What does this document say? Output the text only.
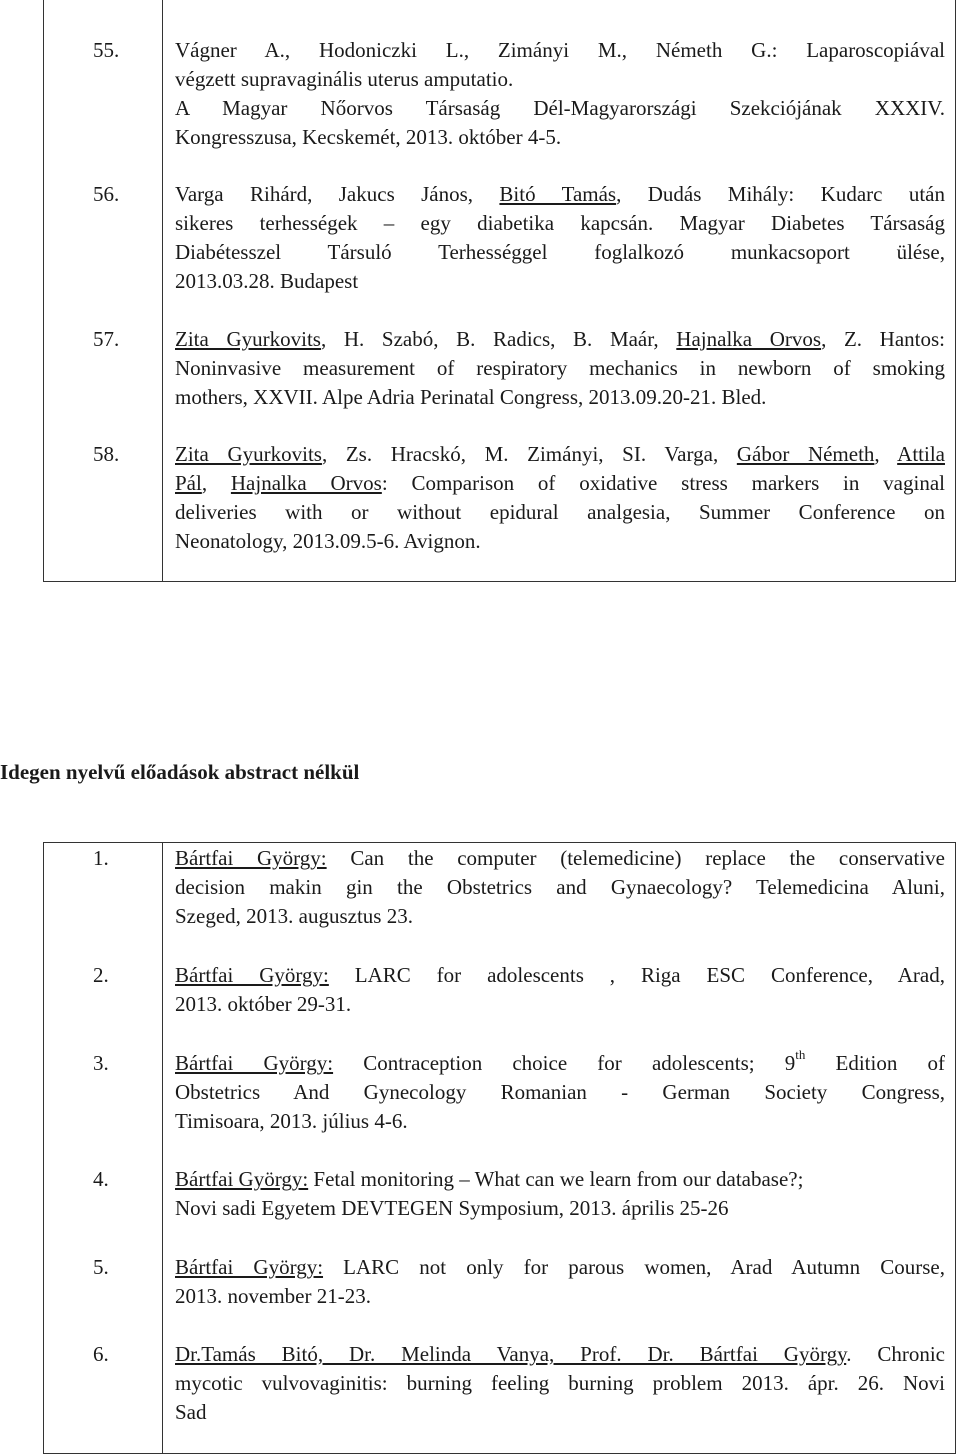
55.	Vágner A., Hodoniczki L., Zimányi M., Németh G.: Laparoscopiával
végzett supravaginális uterus amputatio.
A Magyar Nőorvos Társaság Dél-Magyarországi Szekciójának XXXIV.
Kongresszusa, Kecskemét, 2013. október 4-5.
56.	Varga Rihárd, Jakucs János, Bitó Tamás, Dudás Mihály: Kudarc után
sikeres terhességek – egy diabetika kapcsán. Magyar Diabetes Társaság
Diabétesszel Társuló Terhességgel foglalkozó munkacsoport ülése,
2013.03.28. Budapest
57.	Zita Gyurkovits, H. Szabó, B. Radics, B. Maár, Hajnalka Orvos, Z. Hantos:
Noninvasive measurement of respiratory mechanics in newborn of smoking
mothers, XXVII. Alpe Adria Perinatal Congress, 2013.09.20-21. Bled.
58.	Zita Gyurkovits, Zs. Hracskó, M. Zimányi, SI. Varga, Gábor Németh, Attila
Pál, Hajnalka Orvos: Comparison of oxidative stress markers in vaginal
deliveries with or without epidural analgesia, Summer Conference on
Neonatology, 2013.09.5-6. Avignon.
Idegen nyelvű előadások abstract nélkül
1.	Bártfai György: Can the computer (telemedicine) replace the conservative
decision makin gin the Obstetrics and Gynaecology? Telemedicina Aluni,
Szeged, 2013. augusztus 23.
2.	Bártfai György: LARC for adolescents , Riga ESC Conference, Arad,
2013. október 29-31.
3.	Bártfai György: Contraception choice for adolescents; 9th Edition of
Obstetrics And Gynecology Romanian - German Society Congress,
Timisoara, 2013. július 4-6.
4.	Bártfai György: Fetal monitoring – What can we learn from our database?;
Novi sadi Egyetem DEVTEGEN Symposium, 2013. április 25-26
5.	Bártfai György: LARC not only for parous women, Arad Autumn Course,
2013. november 21-23.
6.	Dr.Tamás Bitó, Dr. Melinda Vanya, Prof. Dr. Bártfai György. Chronic
mycotic vulvovaginitis: burning feeling burning problem 2013. ápr. 26. Novi
Sad
